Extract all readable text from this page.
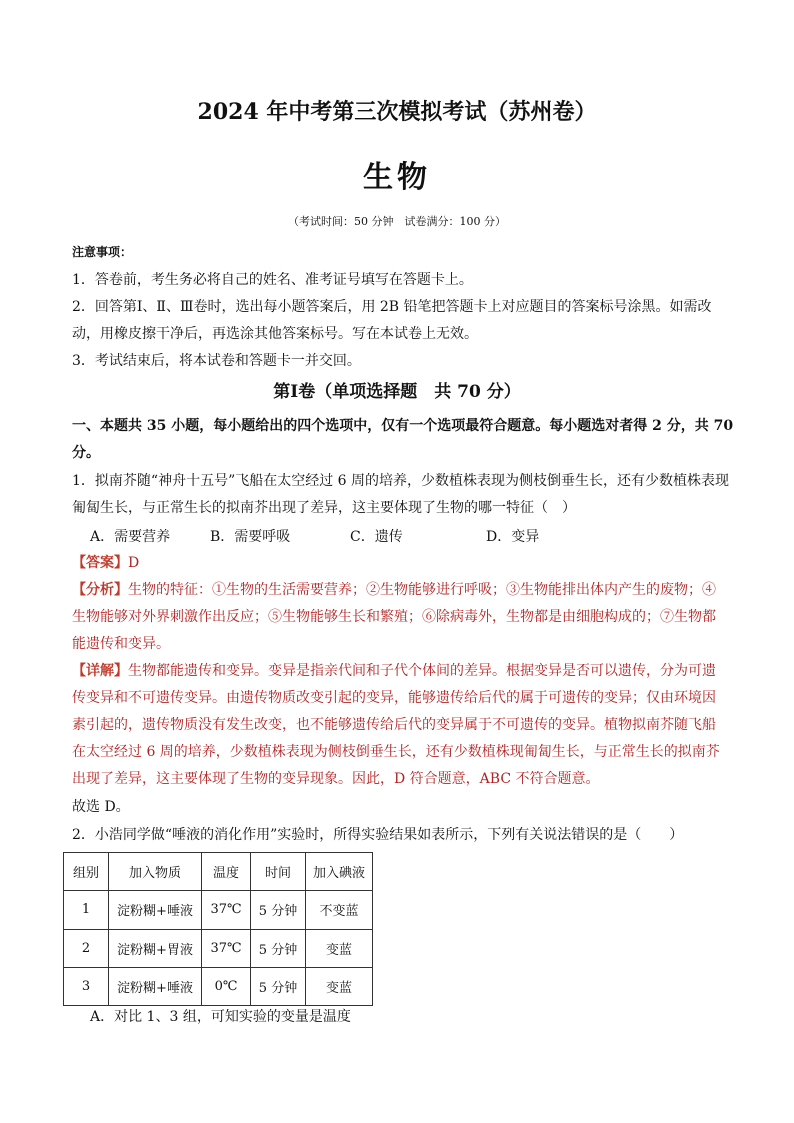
2024 年中考第三次模拟考试（苏州卷）
生物
（考试时间：50 分钟　试卷满分：100 分）
注意事项：
1．答卷前，考生务必将自己的姓名、准考证号填写在答题卡上。
2．回答第Ⅰ、Ⅱ、Ⅲ卷时，选出每小题答案后，用 2B 铅笔把答题卡上对应题目的答案标号涂黑。如需改
动，用橡皮擦干净后，再选涂其他答案标号。写在本试卷上无效。
3．考试结束后，将本试卷和答题卡一并交回。
第Ⅰ卷（单项选择题　共 70 分）
一、本题共 35 小题，每小题给出的四个选项中，仅有一个选项最符合题意。每小题选对者得 2 分，共 70
分。
1．拟南芥随“神舟十五号”飞船在太空经过 6 周的培养，少数植株表现为侧枝倒垂生长，还有少数植株表现
匍匐生长，与正常生长的拟南芥出现了差异，这主要体现了生物的哪一特征（　）
A．需要营养	B．需要呼吸	C．遗传	D．变异
【答案】D
【分析】生物的特征：①生物的生活需要营养；②生物能够进行呼吸；③生物能排出体内产生的废物；④
生物能够对外界刺激作出反应；⑤生物能够生长和繁殖；⑥除病毒外，生物都是由细胞构成的；⑦生物都
能遗传和变异。
【详解】生物都能遗传和变异。变异是指亲代间和子代个体间的差异。根据变异是否可以遗传，分为可遗
传变异和不可遗传变异。由遗传物质改变引起的变异，能够遗传给后代的属于可遗传的变异；仅由环境因
素引起的，遗传物质没有发生改变，也不能够遗传给后代的变异属于不可遗传的变异。植物拟南芥随飞船
在太空经过 6 周的培养，少数植株表现为侧枝倒垂生长，还有少数植株现匍匐生长，与正常生长的拟南芥
出现了差异，这主要体现了生物的变异现象。因此，D 符合题意，ABC 不符合题意。
故选 D。
2．小浩同学做“唾液的消化作用”实验时，所得实验结果如表所示，下列有关说法错误的是（　　）
组别	加入物质	温度	时间	加入碘液
1	淀粉糊+唾液	37℃	5 分钟	不变蓝
2	淀粉糊+胃液	37℃	5 分钟	变蓝
3	淀粉糊+唾液	0℃	5 分钟	变蓝
A．对比 1、3 组，可知实验的变量是温度
